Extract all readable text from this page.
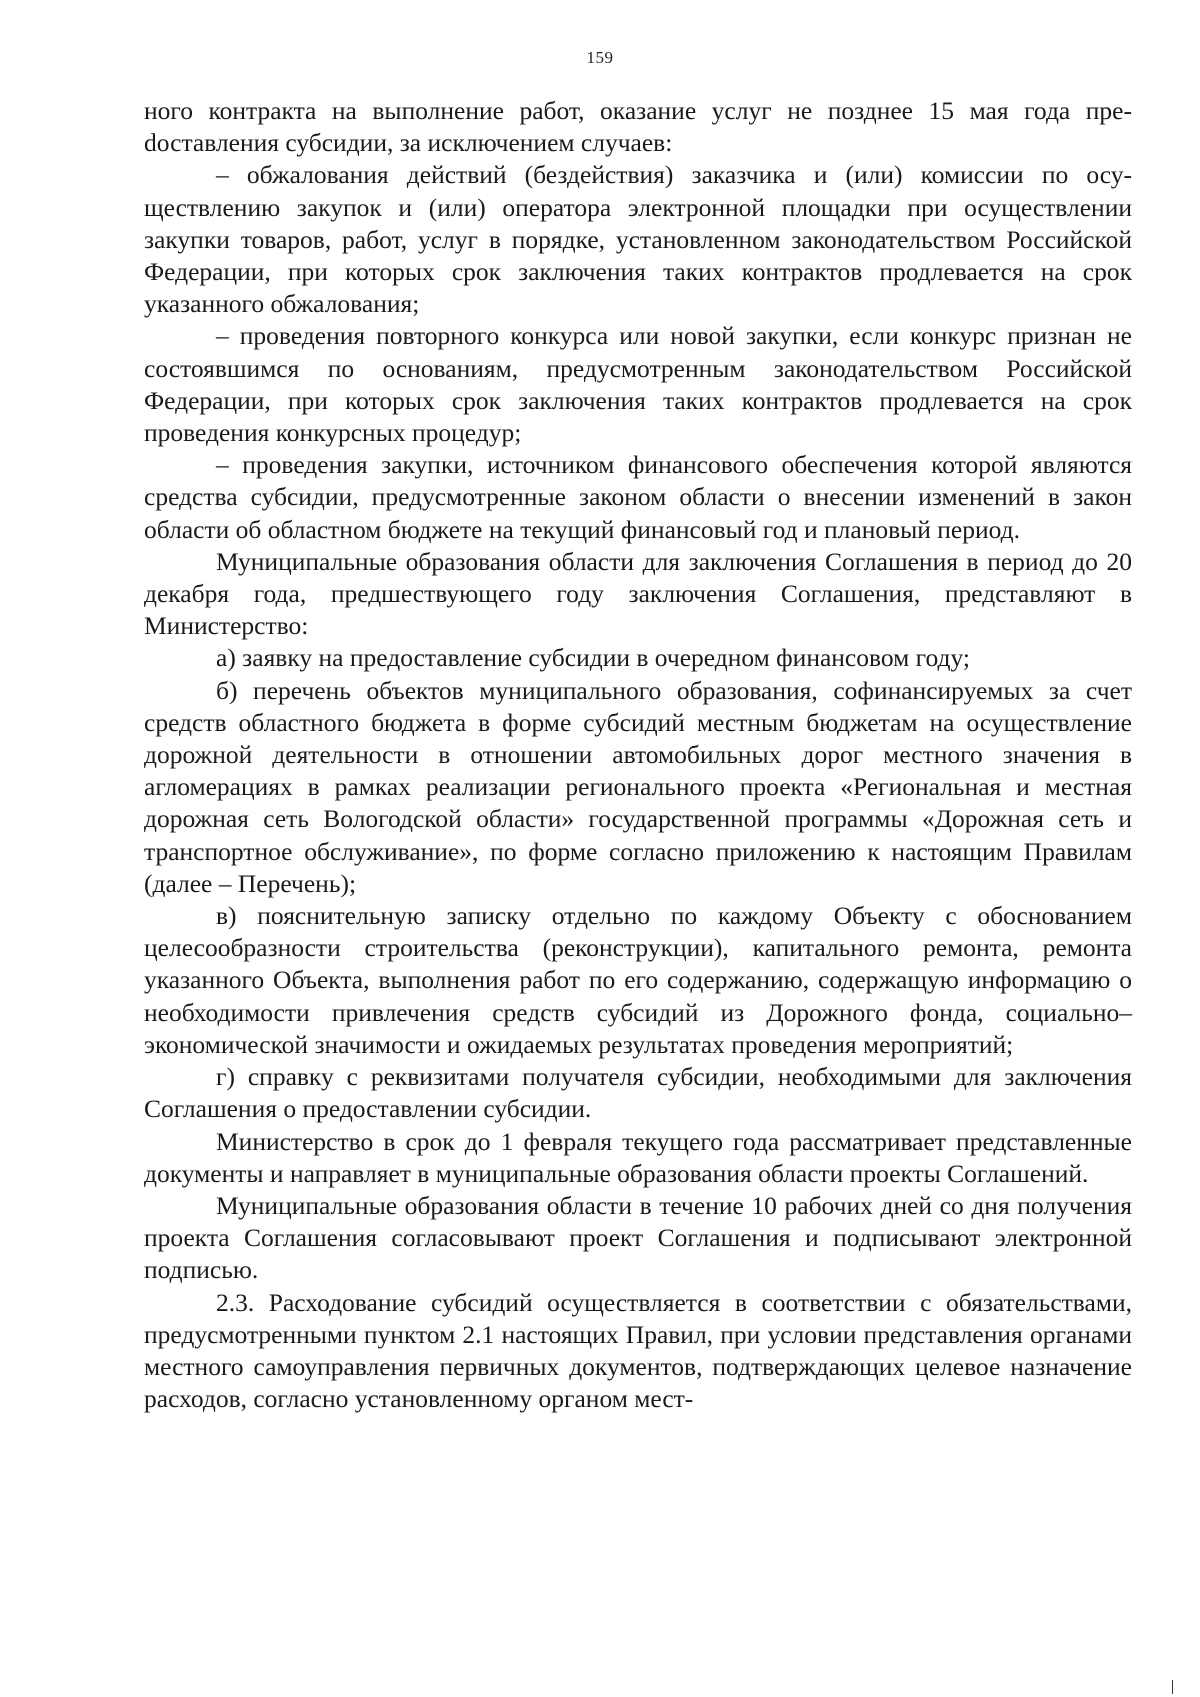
159

ного контракта на выполнение работ, оказание услуг не позднее 15 мая года преdоставления субсидии, за исключением случаев:

– обжалования действий (бездействия) заказчика и (или) комиссии по осуществлению закупок и (или) оператора электронной площадки при осуществлении закупки товаров, работ, услуг в порядке, установленном законодательством Российской Федерации, при которых срок заключения таких контрактов продлевается на срок указанного обжалования;

– проведения повторного конкурса или новой закупки, если конкурс признан не состоявшимся по основаниям, предусмотренным законодательством Российской Федерации, при которых срок заключения таких контрактов продлевается на срок проведения конкурсных процедур;

– проведения закупки, источником финансового обеспечения которой являются средства субсидии, предусмотренные законом области о внесении изменений в закон области об областном бюджете на текущий финансовый год и плановый период.

Муниципальные образования области для заключения Соглашения в период до 20 декабря года, предшествующего году заключения Соглашения, представляют в Министерство:

а) заявку на предоставление субсидии в очередном финансовом году;

б) перечень объектов муниципального образования, софинансируемых за счет средств областного бюджета в форме субсидий местным бюджетам на осуществление дорожной деятельности в отношении автомобильных дорог местного значения в агломерациях в рамках реализации регионального проекта «Региональная и местная дорожная сеть Вологодской области» государственной программы «Дорожная сеть и транспортное обслуживание», по форме согласно приложению к настоящим Правилам (далее – Перечень);

в) пояснительную записку отдельно по каждому Объекту с обоснованием целесообразности строительства (реконструкции), капитального ремонта, ремонта указанного Объекта, выполнения работ по его содержанию, содержащую информацию о необходимости привлечения средств субсидий из Дорожного фонда, социально–экономической значимости и ожидаемых результатах проведения мероприятий;

г) справку с реквизитами получателя субсидии, необходимыми для заключения Соглашения о предоставлении субсидии.

Министерство в срок до 1 февраля текущего года рассматривает представленные документы и направляет в муниципальные образования области проекты Соглашений.

Муниципальные образования области в течение 10 рабочих дней со дня получения проекта Соглашения согласовывают проект Соглашения и подписывают электронной подписью.

2.3. Расходование субсидий осуществляется в соответствии с обязательствами, предусмотренными пунктом 2.1 настоящих Правил, при условии представления органами местного самоуправления первичных документов, подтверждающих целевое назначение расходов, согласно установленному органом мест-
